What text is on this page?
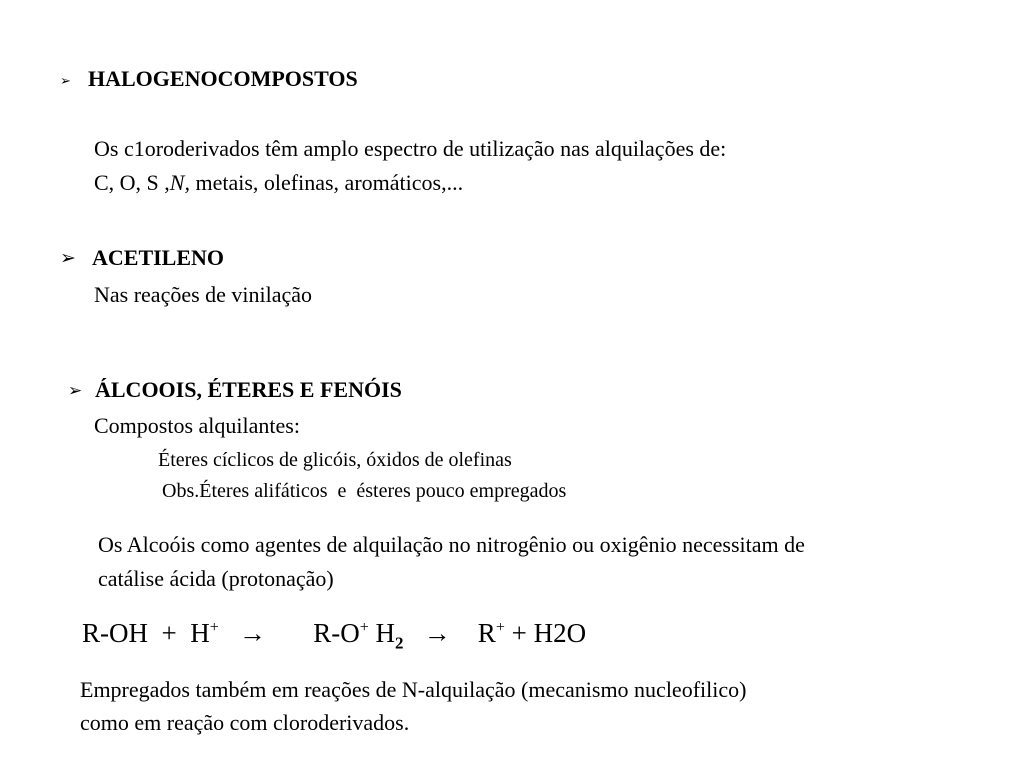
➢ HALOGENOCOMPOSTOS
Os c1oroderivados têm amplo espectro de utilização nas alquilações de:
C, O, S ,N, metais, olefinas, aromáticos,...
➢ ACETILENO
Nas reações de vinilação
➢ ÁLCOOIS, ÉTERES E FENÓIS
Compostos alquilantes:
Éteres cíclicos de glicóis, óxidos de olefinas
Obs.Éteres alifáticos  e  ésteres pouco empregados
Os Alcoóis como agentes de alquilação no nitrogênio ou oxigênio necessitam de
catálise ácida (protonação)
R-OH  +  H+   →       R-O+ $H_2$   →    R+ + H2O
Empregados também em reações de N-alquilação (mecanismo nucleofilico)
como em reação com cloroderivados.
